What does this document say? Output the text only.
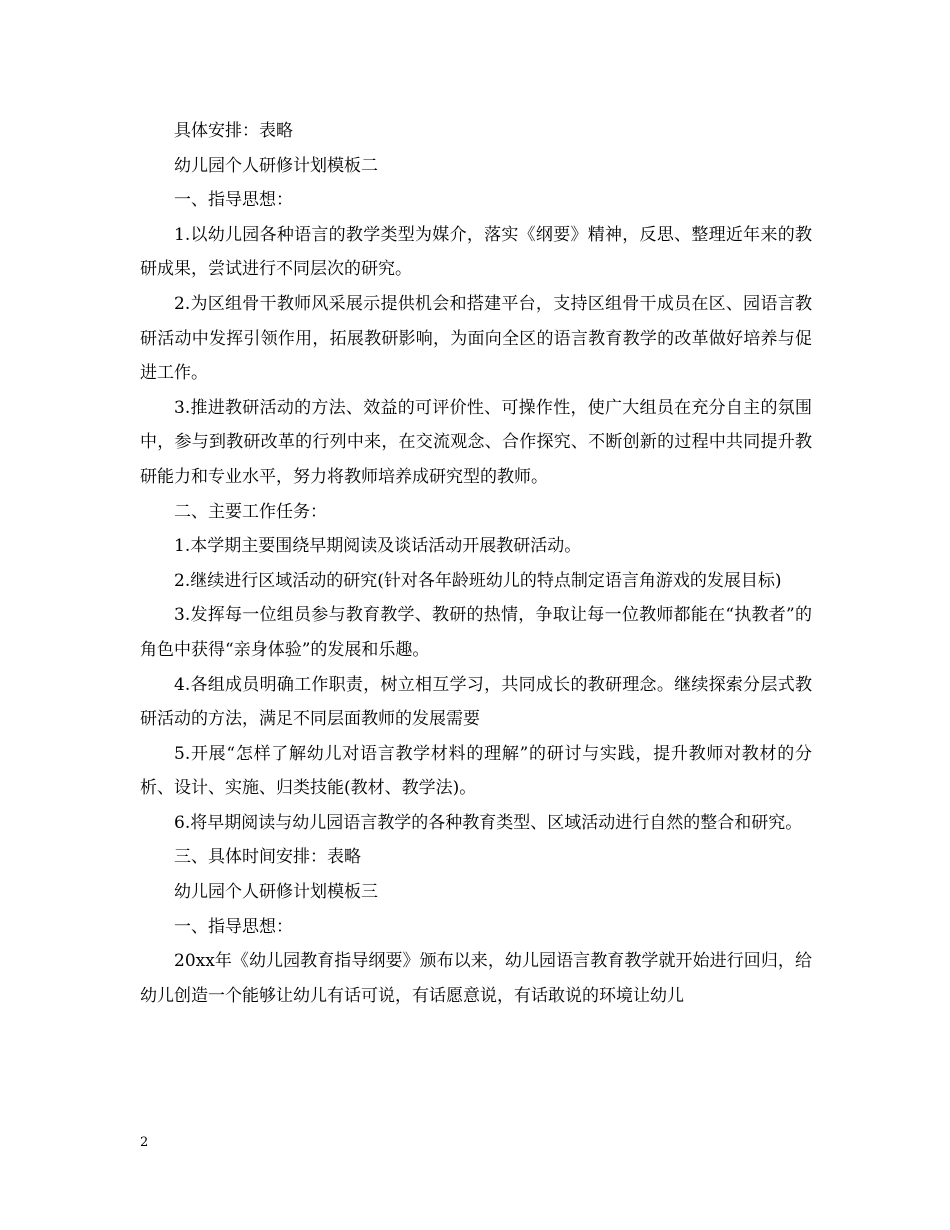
具体安排：表略

幼儿园个人研修计划模板二

一、指导思想：

1.以幼儿园各种语言的教学类型为媒介，落实《纲要》精神，反思、整理近年来的教研成果，尝试进行不同层次的研究。

2.为区组骨干教师风采展示提供机会和搭建平台，支持区组骨干成员在区、园语言教研活动中发挥引领作用，拓展教研影响，为面向全区的语言教育教学的改革做好培养与促进工作。

3.推进教研活动的方法、效益的可评价性、可操作性，使广大组员在充分自主的氛围中，参与到教研改革的行列中来，在交流观念、合作探究、不断创新的过程中共同提升教研能力和专业水平，努力将教师培养成研究型的教师。

二、主要工作任务：

1.本学期主要围绕早期阅读及谈话活动开展教研活动。

2.继续进行区域活动的研究(针对各年龄班幼儿的特点制定语言角游戏的发展目标)

3.发挥每一位组员参与教育教学、教研的热情，争取让每一位教师都能在“执教者”的角色中获得“亲身体验”的发展和乐趣。

4.各组成员明确工作职责，树立相互学习，共同成长的教研理念。继续探索分层式教研活动的方法，满足不同层面教师的发展需要

5.开展“怎样了解幼儿对语言教学材料的理解”的研讨与实践，提升教师对教材的分析、设计、实施、归类技能(教材、教学法)。

6.将早期阅读与幼儿园语言教学的各种教育类型、区域活动进行自然的整合和研究。

三、具体时间安排：表略

幼儿园个人研修计划模板三

一、指导思想：

20xx年《幼儿园教育指导纲要》颁布以来，幼儿园语言教育教学就开始进行回归，给幼儿创造一个能够让幼儿有话可说，有话愿意说，有话敢说的环境让幼儿

2
